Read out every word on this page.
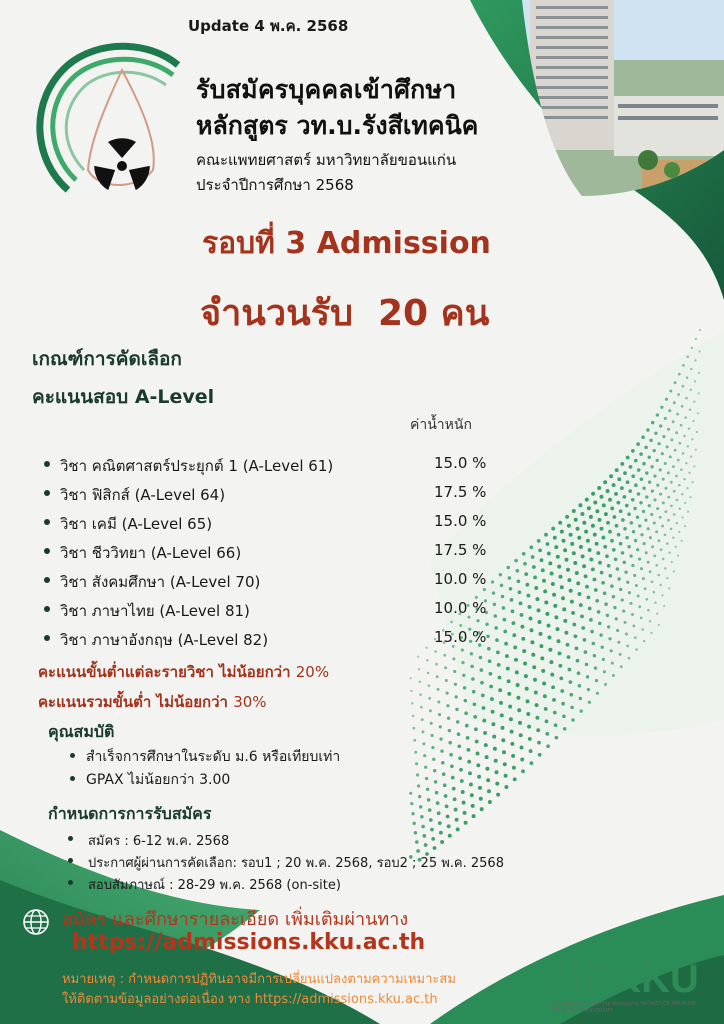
Update 4 พ.ค. 2568
รับสมัครบุคคลเข้าศึกษา
หลักสูตร วท.บ.รังสีเทคนิค
คณะแพทยศาสตร์ มหาวิทยาลัยขอนแก่น
ประจำปีการศึกษา 2568
รอบที่ 3 Admission
จำนวนรับ  20 คน
เกณฑ์การคัดเลือก
คะแนนสอบ A-Level
ค่าน้ำหนัก
วิชา คณิตศาสตร์ประยุกต์ 1 (A-Level 61)	15.0 %
วิชา ฟิสิกส์ (A-Level 64)	17.5 %
วิชา เคมี (A-Level 65)	15.0 %
วิชา ชีววิทยา (A-Level 66)	17.5 %
วิชา สังคมศึกษา (A-Level 70)	10.0 %
วิชา ภาษาไทย (A-Level 81)	10.0 %
วิชา ภาษาอังกฤษ (A-Level 82)	15.0 %
คะแนนขั้นต่ำแต่ละรายวิชา ไม่น้อยกว่า 20%
คะแนนรวมขั้นต่ำ ไม่น้อยกว่า 30%
คุณสมบัติ
สำเร็จการศึกษาในระดับ ม.6 หรือเทียบเท่า
GPAX ไม่น้อยกว่า 3.00
กำหนดการการรับสมัคร
สมัคร : 6-12 พ.ค. 2568
ประกาศผู้ผ่านการคัดเลือก: รอบ1 ; 20 พ.ค. 2568, รอบ2 ; 25 พ.ค. 2568
สอบสัมภาษณ์ : 28-29 พ.ค. 2568 (on-site)
สมัคร และศึกษารายละเอียด เพิ่มเติมผ่านทาง
https://admissions.kku.ac.th
หมายเหตุ : กำหนดการปฏิทินอาจมีการเปลี่ยนแปลงตามความเหมาะสม
ให้ติดตามข้อมูลอย่างต่อเนื่อง ทาง https://admissions.kku.ac.th	MDKKU
คณะแพทยศาสตร์ มหาวิทยาลัยขอนแก่น FACULTY OF MEDICINE KHON KAEN UNIVERSITY
